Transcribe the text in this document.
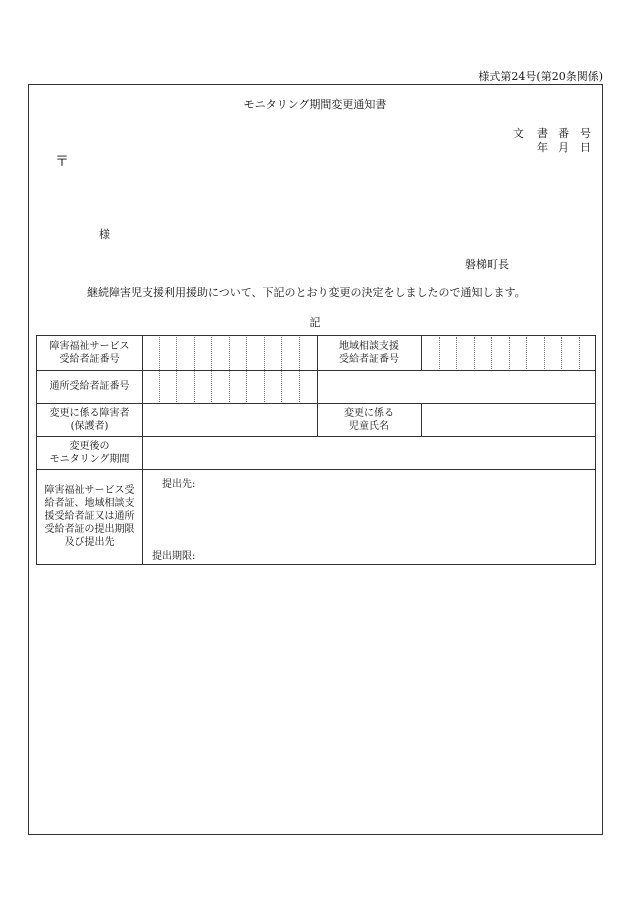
様式第24号(第20条関係)
モニタリング期間変更通知書
文 書 番 号
年 月 日
〒
様
磐梯町長
継続障害児支援利用援助について、下記のとおり変更の決定をしましたので通知します。
記
障害福祉サービス
受給者証番号
地域相談支援
受給者証番号
通所受給者証番号
変更に係る障害者
(保護者)
変更に係る
児童氏名
変更後の
モニタリング期間
障害福祉サービス受
給者証、地域相談支
援受給者証又は通所
受給者証の提出期限
及び提出先
提出先:
提出期限:
